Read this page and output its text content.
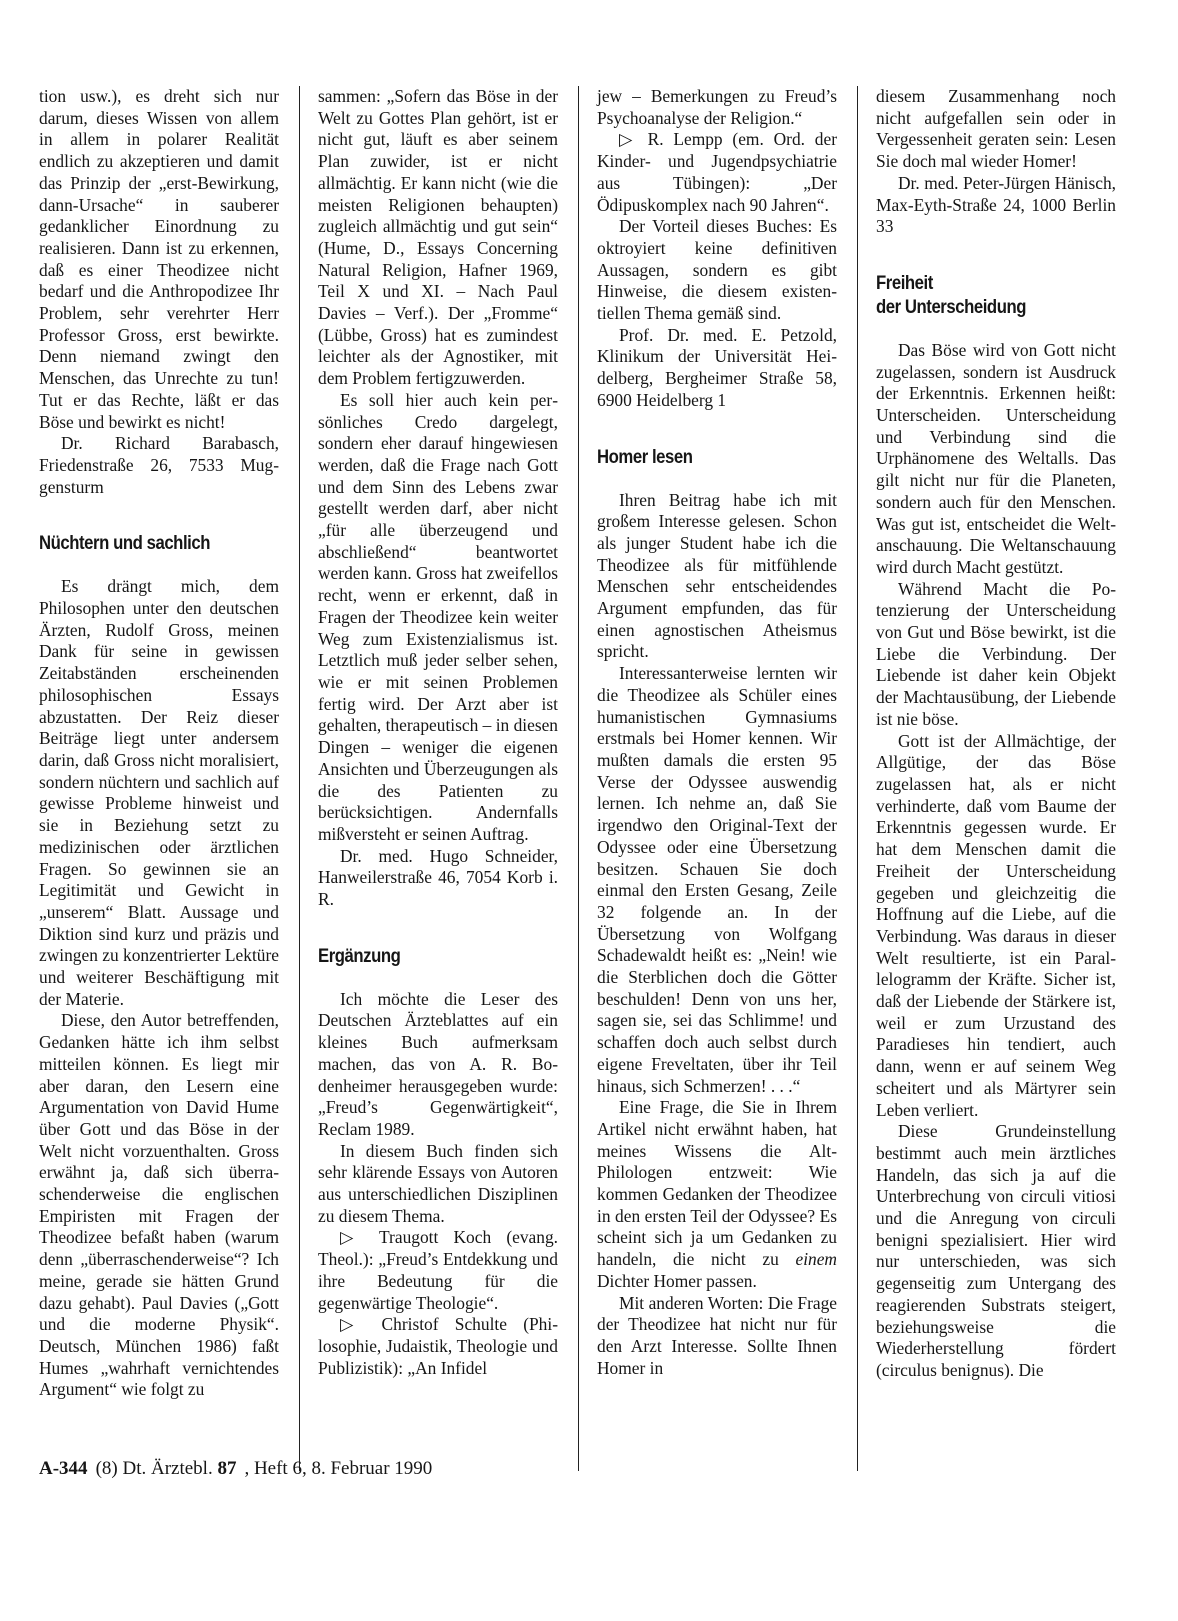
tion usw.), es dreht sich nur darum, dieses Wissen von allem in allem in polarer Realität endlich zu akzeptieren und damit das Prinzip der „erst-Bewirkung, dann-Ursache“ in sauberer gedanklicher Einordnung zu realisieren. Dann ist zu erkennen, daß es einer Theodizee nicht bedarf und die Anthropodizee Ihr Problem, sehr verehrter Herr Professor Gross, erst bewirkte. Denn niemand zwingt den Menschen, das Unrechte zu tun! Tut er das Rechte, läßt er das Böse und bewirkt es nicht!

Dr. Richard Barabasch, Friedenstraße 26, 7533 Muggensturm

Nüchtern und sachlich

Es drängt mich, dem Philosophen unter den deutschen Ärzten, Rudolf Gross, meinen Dank für seine in gewissen Zeitabständen erscheinenden philosophischen Essays abzustatten. Der Reiz dieser Beiträge liegt unter andersem darin, daß Gross nicht moralisiert, sondern nüchtern und sachlich auf gewisse Probleme hinweist und sie in Beziehung setzt zu medizinischen oder ärztlichen Fragen. So gewinnen sie an Legitimität und Gewicht in „unserem“ Blatt. Aussage und Diktion sind kurz und präzis und zwingen zu konzentrierter Lektüre und weiterer Beschäftigung mit der Materie.

Diese, den Autor betreffenden, Gedanken hätte ich ihm selbst mitteilen können. Es liegt mir aber daran, den Lesern eine Argumentation von David Hume über Gott und das Böse in der Welt nicht vorzuenthalten. Gross erwähnt ja, daß sich überraschenderweise die englischen Empiristen mit Fragen der Theodizee befaßt haben (warum denn „überraschenderweise“? Ich meine, gerade sie hätten Grund dazu gehabt). Paul Davies („Gott und die moderne Physik“. Deutsch, München 1986) faßt Humes „wahrhaft vernichtendes Argument“ wie folgt zu

sammen: „Sofern das Böse in der Welt zu Gottes Plan gehört, ist er nicht gut, läuft es aber seinem Plan zuwider, ist er nicht allmächtig. Er kann nicht (wie die meisten Religionen behaupten) zugleich allmächtig und gut sein“ (Hume, D., Essays Concerning Natural Religion, Hafner 1969, Teil X und XI. – Nach Paul Davies – Verf.). Der „Fromme“ (Lübbe, Gross) hat es zumindest leichter als der Agnostiker, mit dem Problem fertigzuwerden.

Es soll hier auch kein persönliches Credo dargelegt, sondern eher darauf hingewiesen werden, daß die Frage nach Gott und dem Sinn des Lebens zwar gestellt werden darf, aber nicht „für alle überzeugend und abschließend“ beantwortet werden kann. Gross hat zweifellos recht, wenn er erkennt, daß in Fragen der Theodizee kein weiter Weg zum Existenzialismus ist. Letztlich muß jeder selber sehen, wie er mit seinen Problemen fertig wird. Der Arzt aber ist gehalten, therapeutisch – in diesen Dingen – weniger die eigenen Ansichten und Überzeugungen als die des Patienten zu berücksichtigen. Andernfalls mißversteht er seinen Auftrag.

Dr. med. Hugo Schneider, Hanweilerstraße 46, 7054 Korb i. R.

Ergänzung

Ich möchte die Leser des Deutschen Ärzteblattes auf ein kleines Buch aufmerksam machen, das von A. R. Bodenheimer herausgegeben wurde: „Freud’s Gegenwärtigkeit“, Reclam 1989.

In diesem Buch finden sich sehr klärende Essays von Autoren aus unterschiedlichen Disziplinen zu diesem Thema.

▷ Traugott Koch (evang. Theol.): „Freud’s Entdekkung und ihre Bedeutung für die gegenwärtige Theologie“.

▷ Christof Schulte (Philosophie, Judaistik, Theologie und Publizistik): „An Infidel

jew – Bemerkungen zu Freud’s Psychoanalyse der Religion.“

▷ R. Lempp (em. Ord. der Kinder- und Jugendpsychiatrie aus Tübingen): „Der Ödipuskomplex nach 90 Jahren“.

Der Vorteil dieses Buches: Es oktroyiert keine definitiven Aussagen, sondern es gibt Hinweise, die diesem existentiellen Thema gemäß sind.

Prof. Dr. med. E. Petzold, Klinikum der Universität Heidelberg, Bergheimer Straße 58, 6900 Heidelberg 1

Homer lesen

Ihren Beitrag habe ich mit großem Interesse gelesen. Schon als junger Student habe ich die Theodizee als für mitfühlende Menschen sehr entscheidendes Argument empfunden, das für einen agnostischen Atheismus spricht.

Interessanterweise lernten wir die Theodizee als Schüler eines humanistischen Gymnasiums erstmals bei Homer kennen. Wir mußten damals die ersten 95 Verse der Odyssee auswendig lernen. Ich nehme an, daß Sie irgendwo den Original-Text der Odyssee oder eine Übersetzung besitzen. Schauen Sie doch einmal den Ersten Gesang, Zeile 32 folgende an. In der Übersetzung von Wolfgang Schadewaldt heißt es: „Nein! wie die Sterblichen doch die Götter beschulden! Denn von uns her, sagen sie, sei das Schlimme! und schaffen doch auch selbst durch eigene Freveltaten, über ihr Teil hinaus, sich Schmerzen! . . .“

Eine Frage, die Sie in Ihrem Artikel nicht erwähnt haben, hat meines Wissens die Alt-Philologen entzweit: Wie kommen Gedanken der Theodizee in den ersten Teil der Odyssee? Es scheint sich ja um Gedanken zu handeln, die nicht zu einem Dichter Homer passen.

Mit anderen Worten: Die Frage der Theodizee hat nicht nur für den Arzt Interesse. Sollte Ihnen Homer in

diesem Zusammenhang noch nicht aufgefallen sein oder in Vergessenheit geraten sein: Lesen Sie doch mal wieder Homer!

Dr. med. Peter-Jürgen Hänisch, Max-Eyth-Straße 24, 1000 Berlin 33

Freiheit
der Unterscheidung

Das Böse wird von Gott nicht zugelassen, sondern ist Ausdruck der Erkenntnis. Erkennen heißt: Unterscheiden. Unterscheidung und Verbindung sind die Urphänomene des Weltalls. Das gilt nicht nur für die Planeten, sondern auch für den Menschen. Was gut ist, entscheidet die Weltanschauung. Die Weltanschauung wird durch Macht gestützt.

Während Macht die Potenzierung der Unterscheidung von Gut und Böse bewirkt, ist die Liebe die Verbindung. Der Liebende ist daher kein Objekt der Machtausübung, der Liebende ist nie böse.

Gott ist der Allmächtige, der Allgütige, der das Böse zugelassen hat, als er nicht verhinderte, daß vom Baume der Erkenntnis gegessen wurde. Er hat dem Menschen damit die Freiheit der Unterscheidung gegeben und gleichzeitig die Hoffnung auf die Liebe, auf die Verbindung. Was daraus in dieser Welt resultierte, ist ein Parallelogramm der Kräfte. Sicher ist, daß der Liebende der Stärkere ist, weil er zum Urzustand des Paradieses hin tendiert, auch dann, wenn er auf seinem Weg scheitert und als Märtyrer sein Leben verliert.

Diese Grundeinstellung bestimmt auch mein ärztliches Handeln, das sich ja auf die Unterbrechung von circuli vitiosi und die Anregung von circuli benigni spezialisiert. Hier wird nur unterschieden, was sich gegenseitig zum Untergang des reagierenden Substrats steigert, beziehungsweise die Wiederherstellung fördert (circulus benignus). Die

A-344 (8) Dt. Ärztebl. 87 , Heft 6, 8. Februar 1990
